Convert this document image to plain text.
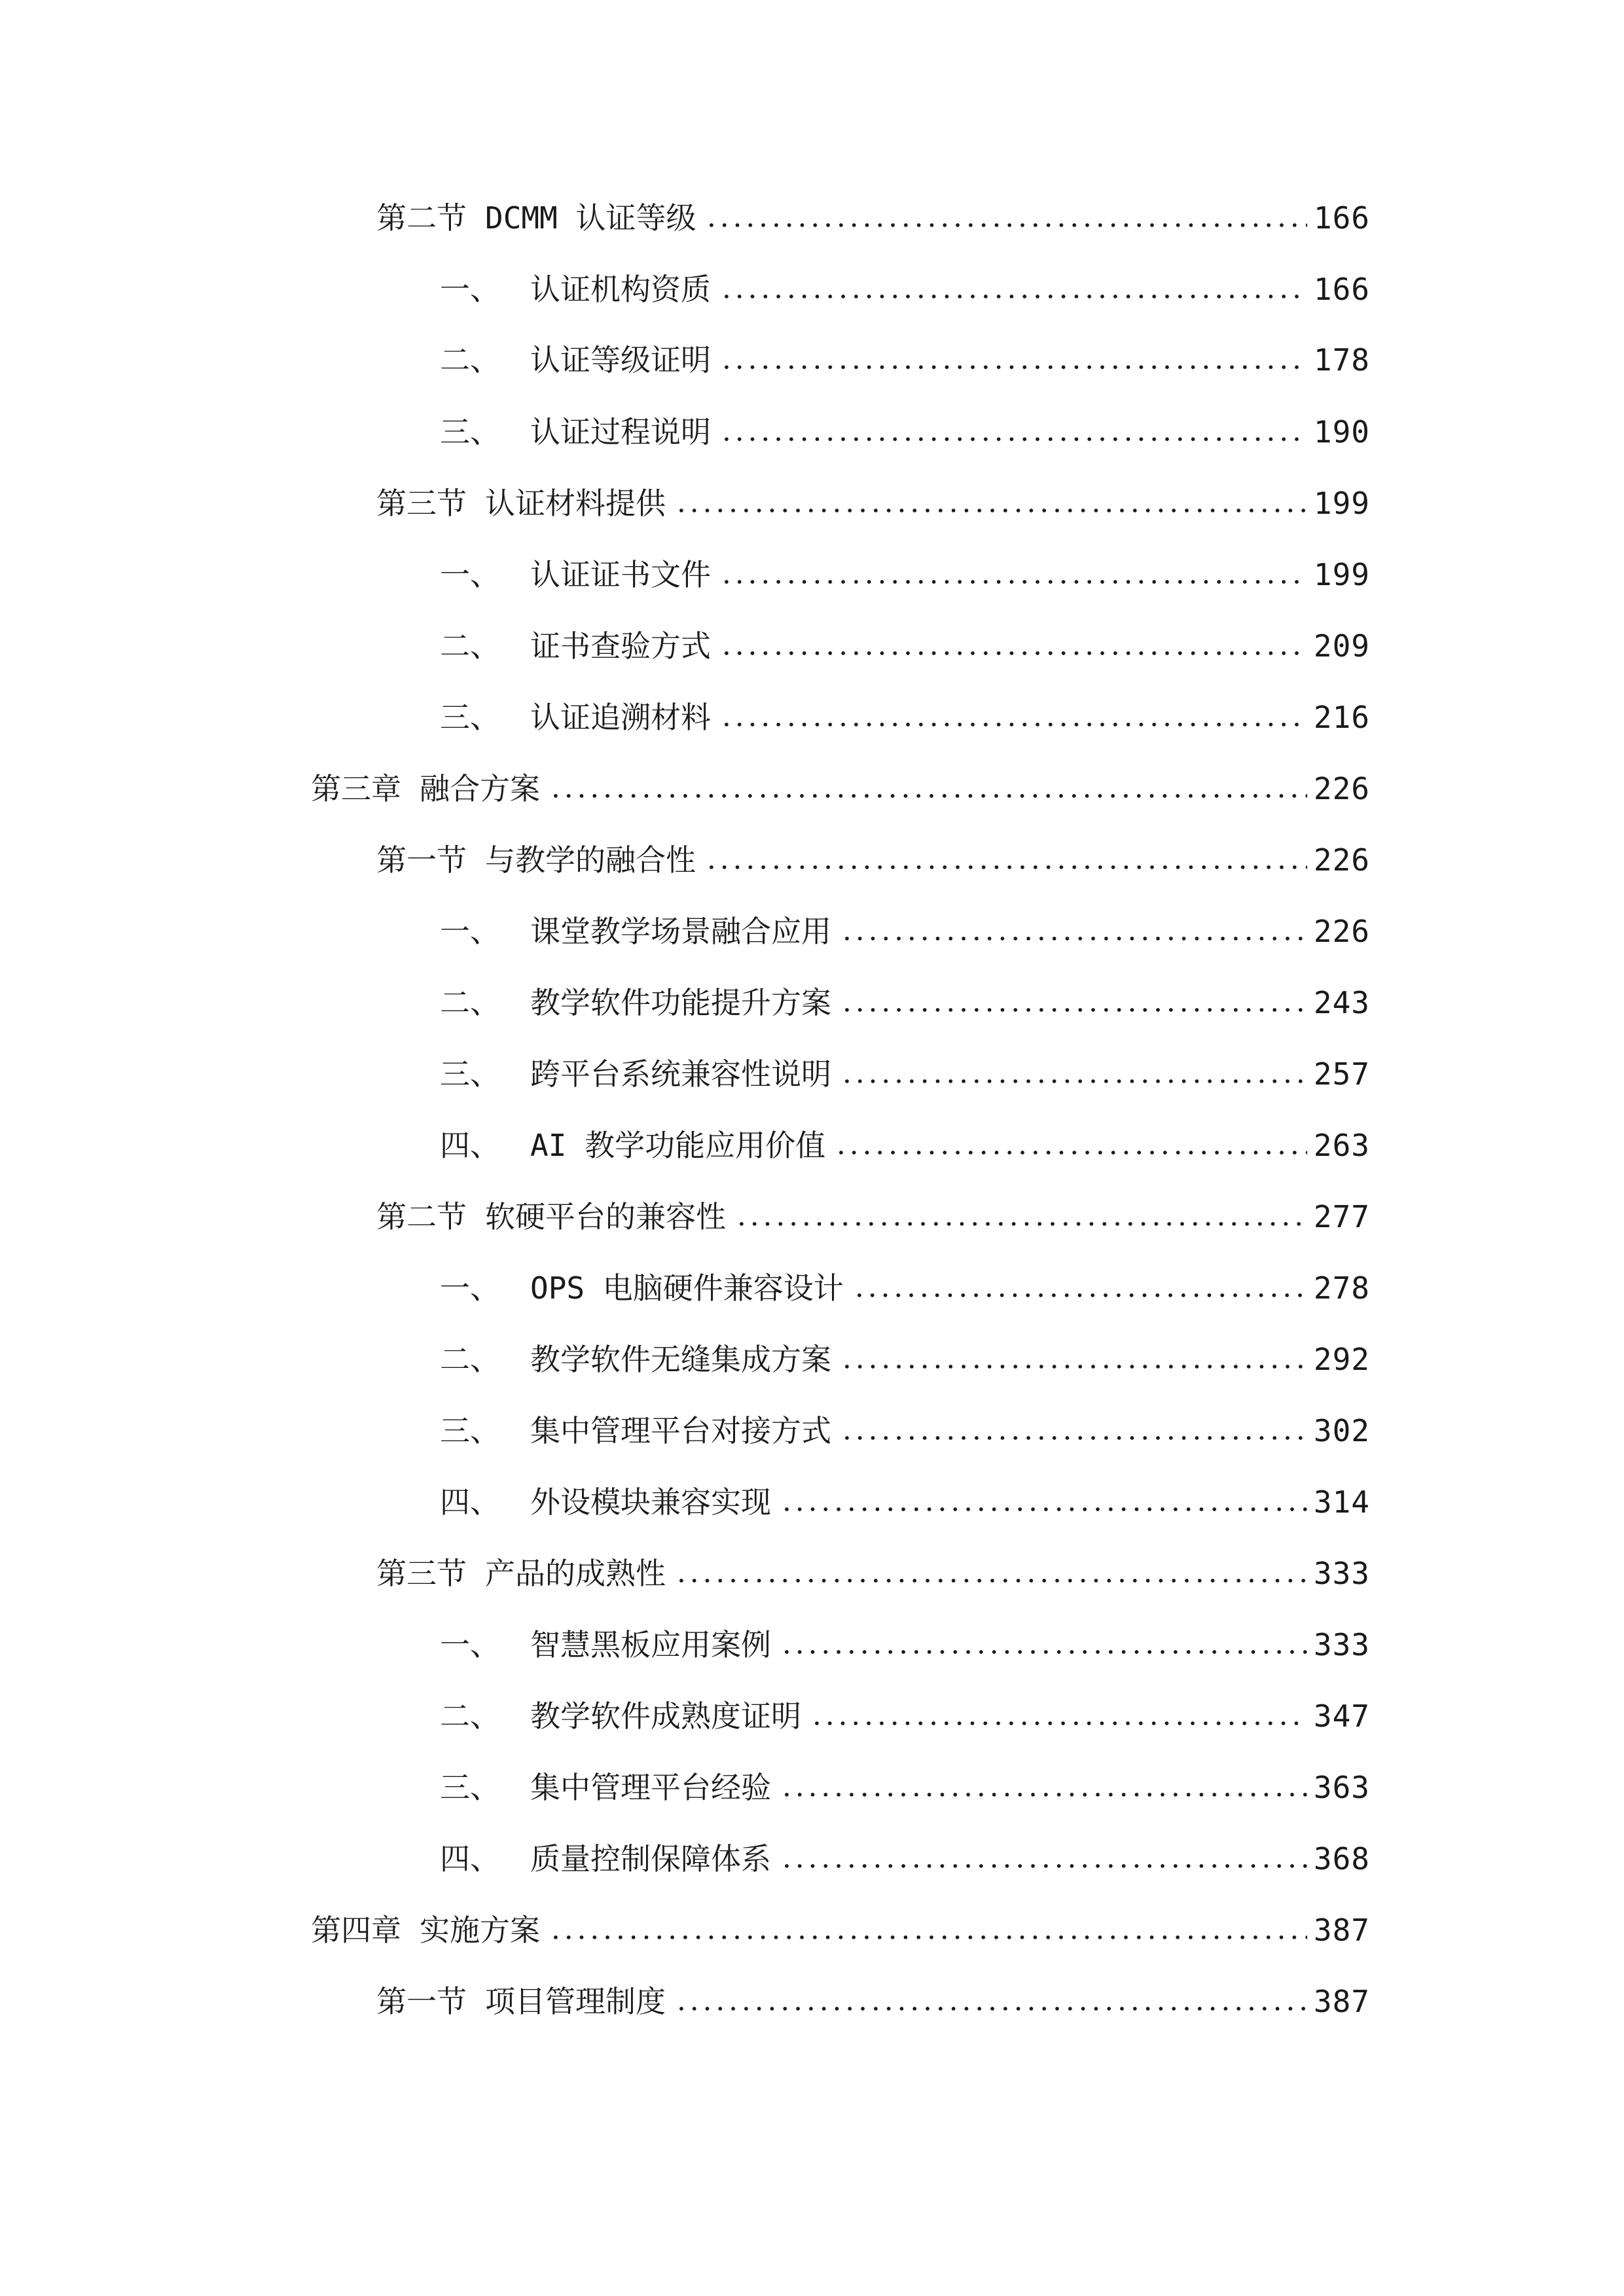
第二节 DCMM 认证等级	166
一、 认证机构资质	166
二、 认证等级证明	178
三、 认证过程说明	190
第三节 认证材料提供	199
一、 认证证书文件	199
二、 证书查验方式	209
三、 认证追溯材料	216
第三章 融合方案	226
第一节 与教学的融合性	226
一、 课堂教学场景融合应用	226
二、 教学软件功能提升方案	243
三、 跨平台系统兼容性说明	257
四、 AI 教学功能应用价值	263
第二节 软硬平台的兼容性	277
一、 OPS 电脑硬件兼容设计	278
二、 教学软件无缝集成方案	292
三、 集中管理平台对接方式	302
四、 外设模块兼容实现	314
第三节 产品的成熟性	333
一、 智慧黑板应用案例	333
二、 教学软件成熟度证明	347
三、 集中管理平台经验	363
四、 质量控制保障体系	368
第四章 实施方案	387
第一节 项目管理制度	387
